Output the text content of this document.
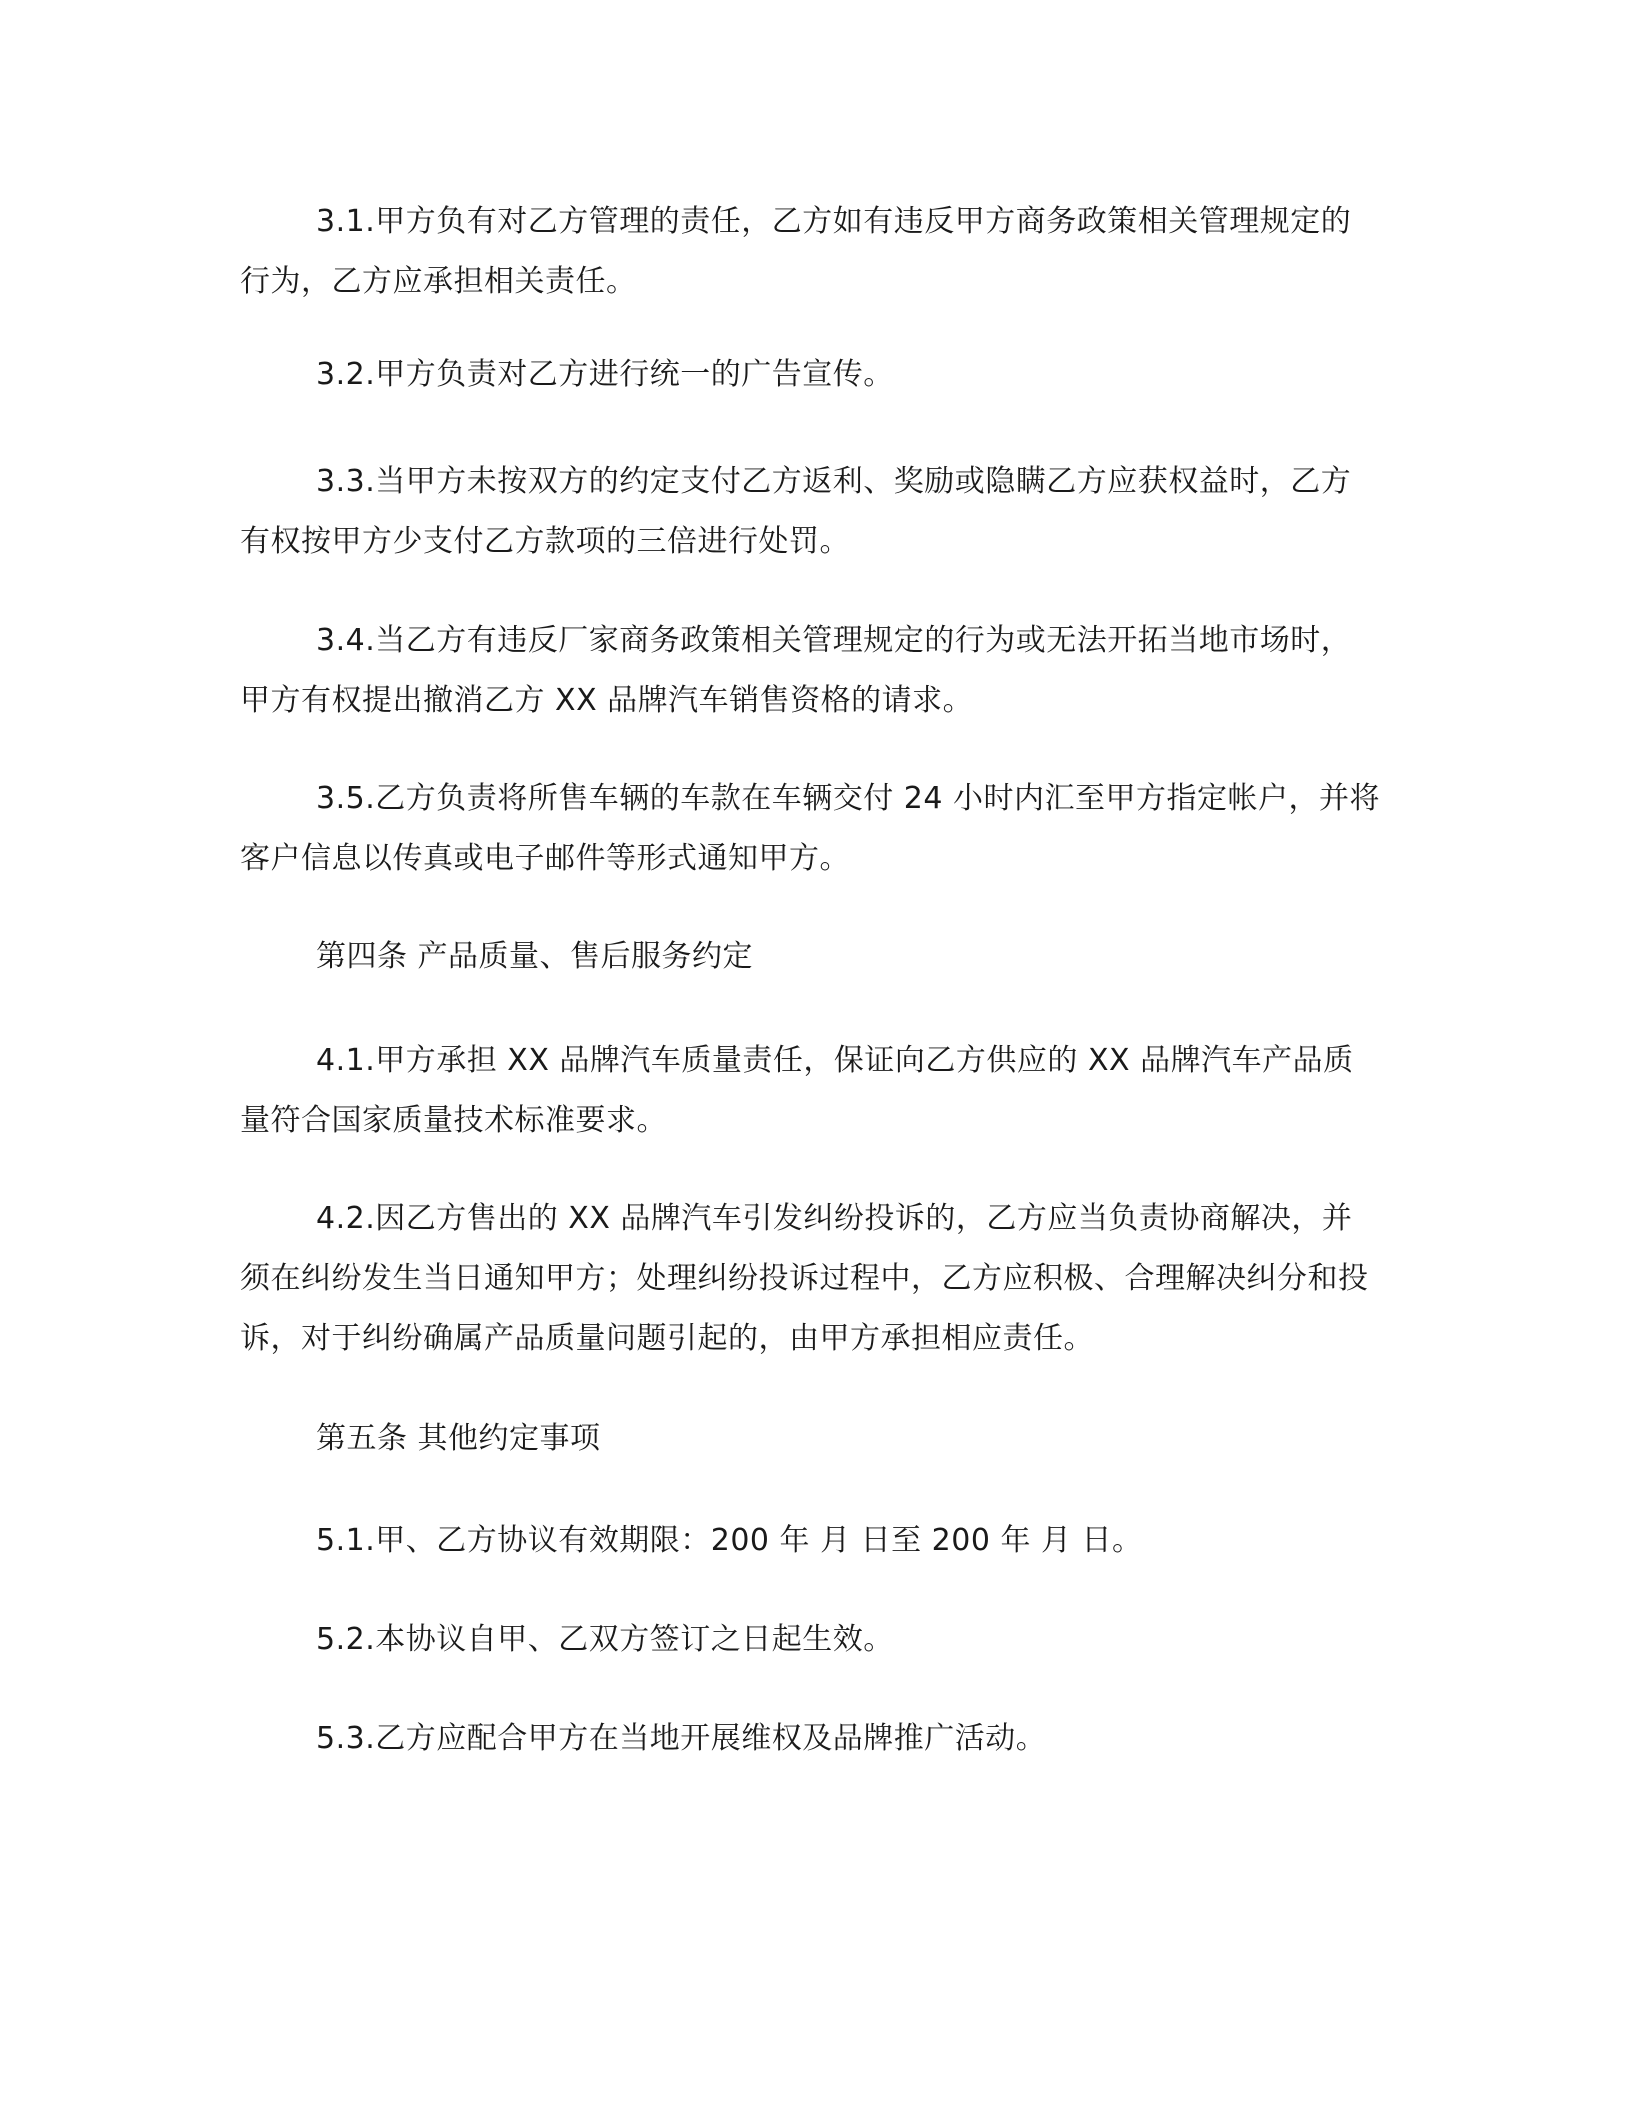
3.1.甲方负有对乙方管理的责任，乙方如有违反甲方商务政策相关管理规定的行为，乙方应承担相关责任。

3.2.甲方负责对乙方进行统一的广告宣传。

3.3.当甲方未按双方的约定支付乙方返利、奖励或隐瞒乙方应获权益时，乙方有权按甲方少支付乙方款项的三倍进行处罚。

3.4.当乙方有违反厂家商务政策相关管理规定的行为或无法开拓当地市场时，甲方有权提出撤消乙方 XX 品牌汽车销售资格的请求。

3.5.乙方负责将所售车辆的车款在车辆交付 24 小时内汇至甲方指定帐户，并将客户信息以传真或电子邮件等形式通知甲方。

第四条 产品质量、售后服务约定

4.1.甲方承担 XX 品牌汽车质量责任，保证向乙方供应的 XX 品牌汽车产品质量符合国家质量技术标准要求。

4.2.因乙方售出的 XX 品牌汽车引发纠纷投诉的，乙方应当负责协商解决，并须在纠纷发生当日通知甲方；处理纠纷投诉过程中，乙方应积极、合理解决纠分和投诉，对于纠纷确属产品质量问题引起的，由甲方承担相应责任。

第五条 其他约定事项

5.1.甲、乙方协议有效期限：200 年 月 日至 200 年 月 日。

5.2.本协议自甲、乙双方签订之日起生效。

5.3.乙方应配合甲方在当地开展维权及品牌推广活动。
